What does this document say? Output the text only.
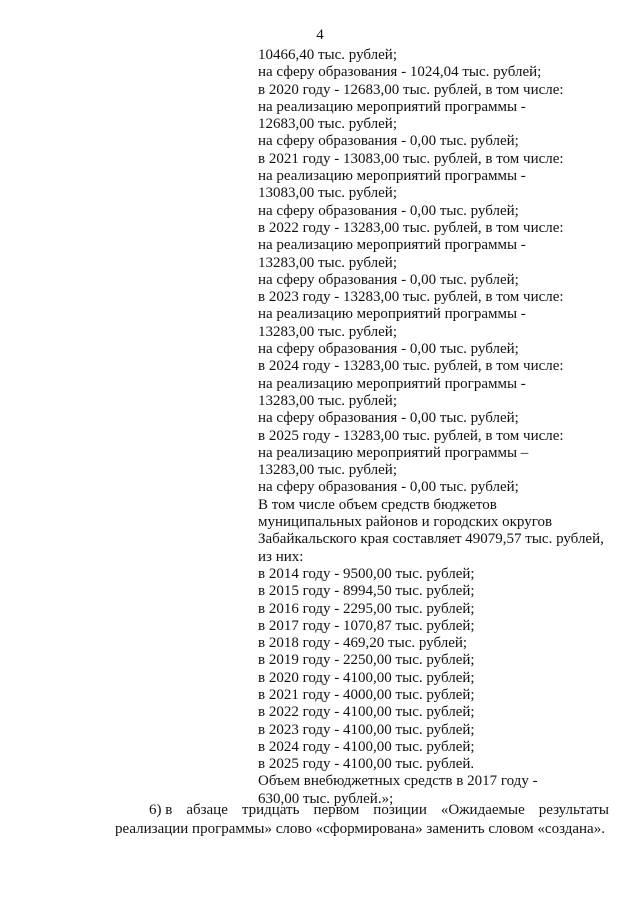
4
10466,40 тыс. рублей;
на сферу образования - 1024,04 тыс. рублей;
в 2020 году - 12683,00 тыс. рублей, в том числе:
на реализацию мероприятий программы -
12683,00 тыс. рублей;
на сферу образования - 0,00 тыс. рублей;
в 2021 году - 13083,00 тыс. рублей, в том числе:
на реализацию мероприятий программы -
13083,00 тыс. рублей;
на сферу образования - 0,00 тыс. рублей;
в 2022 году - 13283,00 тыс. рублей, в том числе:
на реализацию мероприятий программы -
13283,00 тыс. рублей;
на сферу образования - 0,00 тыс. рублей;
в 2023 году - 13283,00 тыс. рублей, в том числе:
на реализацию мероприятий программы -
13283,00 тыс. рублей;
на сферу образования - 0,00 тыс. рублей;
в 2024 году - 13283,00 тыс. рублей, в том числе:
на реализацию мероприятий программы -
13283,00 тыс. рублей;
на сферу образования - 0,00 тыс. рублей;
в 2025 году - 13283,00 тыс. рублей, в том числе:
на реализацию мероприятий программы –
13283,00 тыс. рублей;
на сферу образования - 0,00 тыс. рублей;
В том числе объем средств бюджетов
муниципальных районов и городских округов
Забайкальского края составляет 49079,57 тыс. рублей,
из них:
в 2014 году - 9500,00 тыс. рублей;
в 2015 году - 8994,50 тыс. рублей;
в 2016 году - 2295,00 тыс. рублей;
в 2017 году - 1070,87 тыс. рублей;
в 2018 году - 469,20 тыс. рублей;
в 2019 году - 2250,00 тыс. рублей;
в 2020 году - 4100,00 тыс. рублей;
в 2021 году - 4000,00 тыс. рублей;
в 2022 году - 4100,00 тыс. рублей;
в 2023 году - 4100,00 тыс. рублей;
в 2024 году - 4100,00 тыс. рублей;
в 2025 году - 4100,00 тыс. рублей.
Объем внебюджетных средств в 2017 году -
630,00 тыс. рублей.»;
6) в абзаце тридцать первом позиции «Ожидаемые результаты
реализации программы» слово «сформирована» заменить словом «создана».
